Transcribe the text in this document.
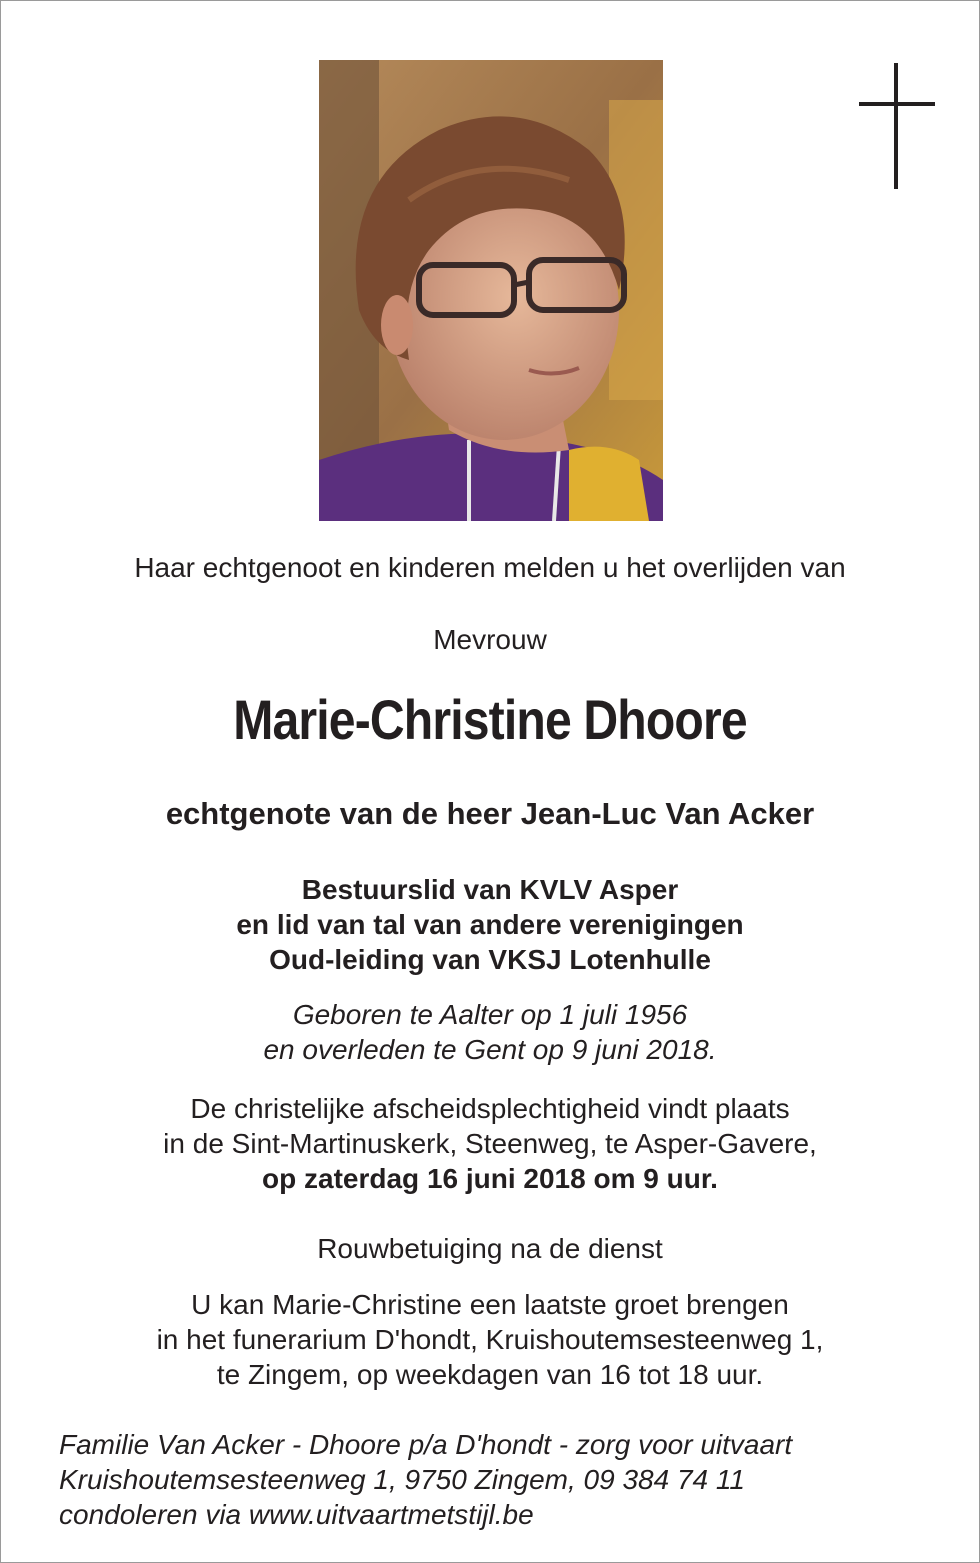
Haar echtgenoot en kinderen melden u het overlijden van
Mevrouw
Marie-Christine Dhoore
echtgenote van de heer Jean-Luc Van Acker
Bestuurslid van KVLV Asper
en lid van tal van andere verenigingen
Oud-leiding van VKSJ Lotenhulle
Geboren te Aalter op 1 juli 1956
en overleden te Gent op 9 juni 2018.
De christelijke afscheidsplechtigheid vindt plaats
in de Sint-Martinuskerk, Steenweg, te Asper-Gavere,
op zaterdag 16 juni 2018 om 9 uur.
Rouwbetuiging na de dienst
U kan Marie-Christine een laatste groet brengen
in het funerarium D'hondt, Kruishoutemsesteenweg 1,
te Zingem, op weekdagen van 16 tot 18 uur.
Familie Van Acker - Dhoore p/a D'hondt - zorg voor uitvaart
Kruishoutemsesteenweg 1, 9750 Zingem, 09 384 74 11
condoleren via www.uitvaartmetstijl.be
